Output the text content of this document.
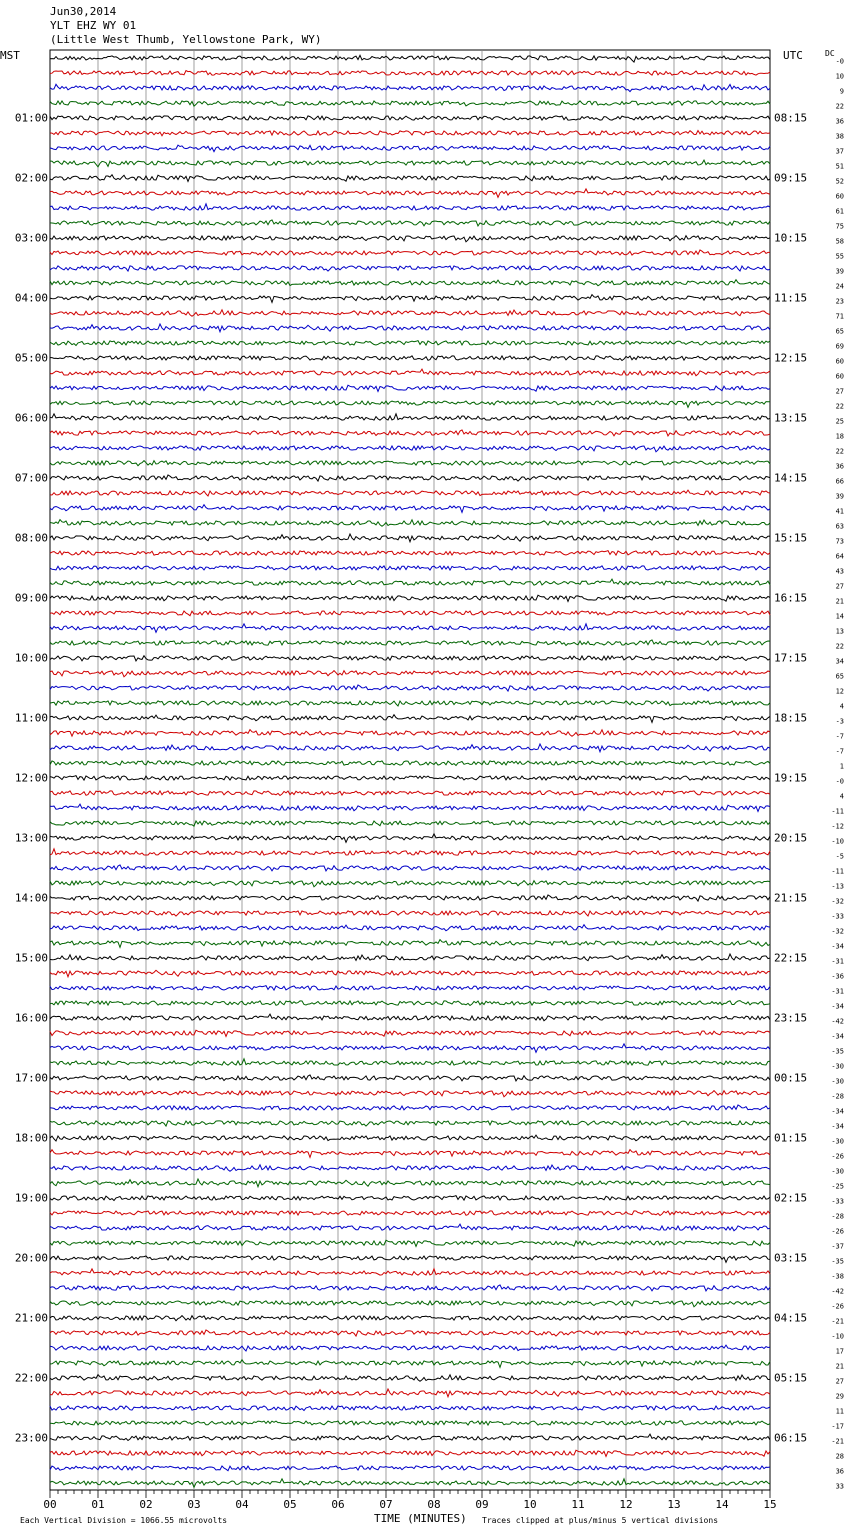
Jun30,2014
YLT EHZ WY 01
(Little West Thumb, Yellowstone Park, WY)
MST	UTC	DC
01:00
02:00
03:00
04:00
05:00
06:00
07:00
08:00
09:00
10:00
11:00
12:00
13:00
14:00
15:00
16:00
17:00
18:00
19:00
20:00
21:00
22:00
23:00
08:15
09:15
10:15
11:15
12:15
13:15
14:15
15:15
16:15
17:15
18:15
19:15
20:15
21:15
22:15
23:15
00:15
01:15
02:15
03:15
04:15
05:15
06:15
-0
10
9
22
36
38
37
51
52
60
61
75
58
55
39
24
23
71
65
69
60
60
27
22
25
18
22
36
66
39
41
63
73
64
43
27
21
14
13
22
34
65
12
4
-3
-7
-7
1
-0
4
-11
-12
-10
-5
-11
-13
-32
-33
-32
-34
-31
-36
-31
-34
-42
-34
-35
-30
-30
-28
-34
-34
-30
-26
-30
-25
-33
-28
-26
-37
-35
-38
-42
-26
-21
-10
17
21
27
29
11
-17
-21
28
36
33
00	01	02	03	04	05	06	07	08	09	10	11	12	13	14	15
Each Vertical Division = 1066.55 microvolts	TIME (MINUTES) Traces clipped at plus/minus 5 vertical divisions
